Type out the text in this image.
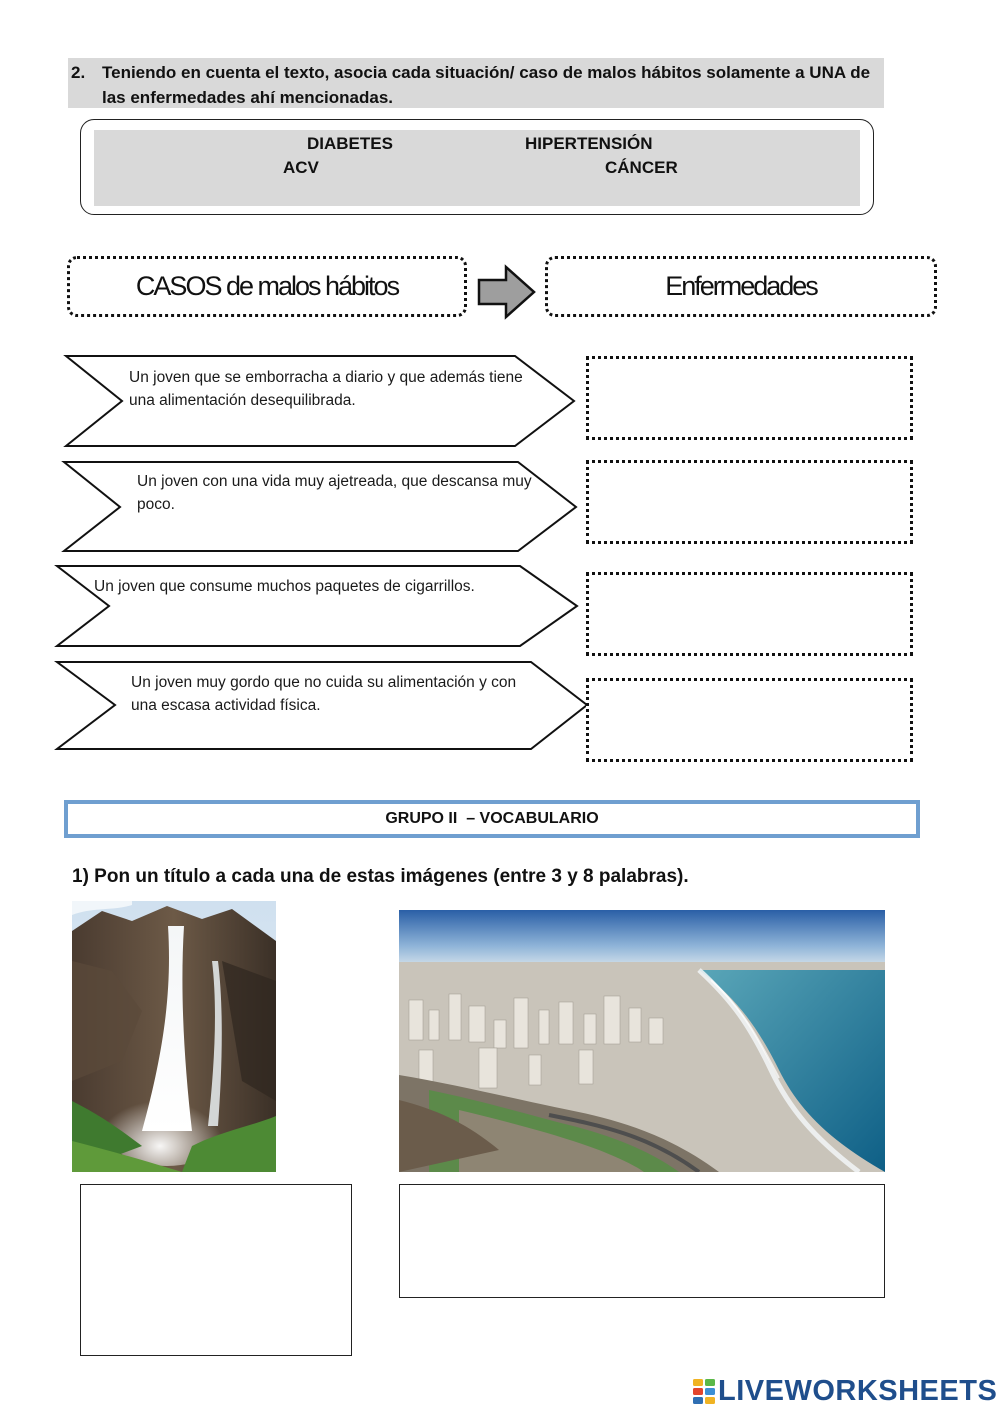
2. Teniendo en cuenta el texto, asocia cada situación/ caso de malos hábitos solamente a UNA de las enfermedades ahí mencionadas.
DIABETES	HIPERTENSIÓN
ACV	CÁNCER
CASOS de malos hábitos	Enfermedades
Un joven que se emborracha a diario y que además tiene una alimentación desequilibrada.
Un joven con una vida muy ajetreada, que descansa muy poco.
Un joven que consume muchos paquetes de cigarrillos.
Un joven muy gordo que no cuida su alimentación y con una escasa actividad física.
GRUPO II  – VOCABULARIO
1) Pon un título a cada una de estas imágenes (entre 3 y 8 palabras).
LIVEWORKSHEETS
